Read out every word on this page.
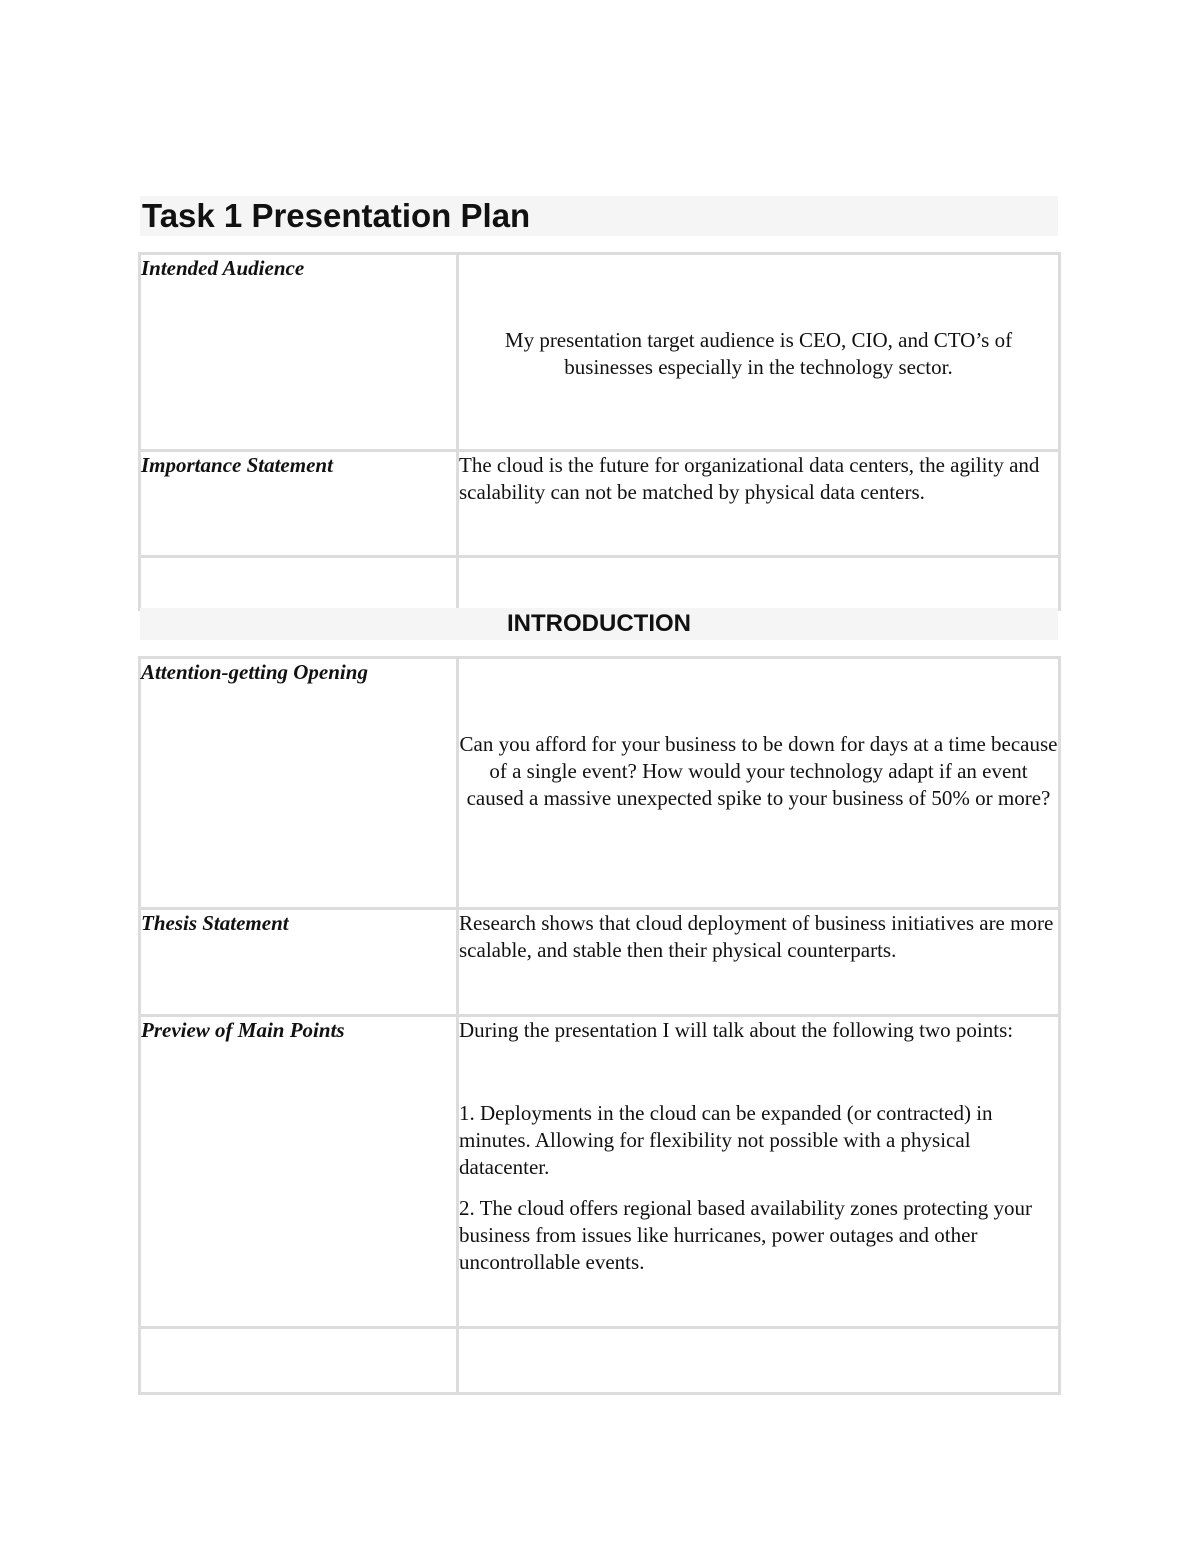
Task 1 Presentation Plan
Intended Audience	My presentation target audience is CEO, CIO, and CTO’s of businesses especially in the technology sector.

Importance Statement	The cloud is the future for organizational data centers, the agility and scalability can not be matched by physical data centers.

INTRODUCTION
Attention-getting Opening	Can you afford for your business to be down for days at a time because of a single event? How would your technology adapt if an event caused a massive unexpected spike to your business of 50% or more?

Thesis Statement	Research shows that cloud deployment of business initiatives are more scalable, and stable then their physical counterparts.

Preview of Main Points	During the presentation I will talk about the following two points:
1. Deployments in the cloud can be expanded (or contracted) in minutes. Allowing for flexibility not possible with a physical datacenter.
2. The cloud offers regional based availability zones protecting your business from issues like hurricanes, power outages and other uncontrollable events.
